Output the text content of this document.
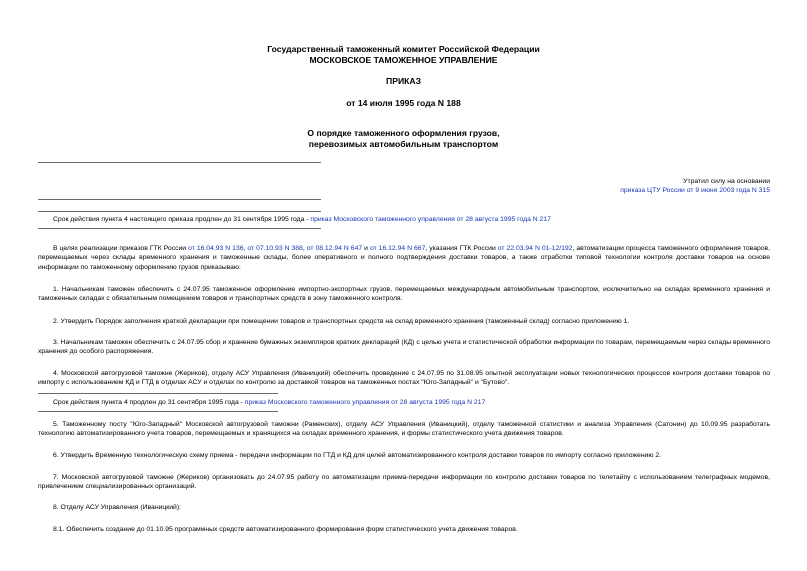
Государственный таможенный комитет Российской Федерации
МОСКОВСКОЕ ТАМОЖЕННОЕ УПРАВЛЕНИЕ
ПРИКАЗ
от 14 июля 1995 года N 188
О порядке таможенного оформления грузов,
перевозимых автомобильным транспортом
Утратил силу на основании
приказа ЦТУ России от 9 июня 2003 года N 315

Срок действия пункта 4 настоящего приказа продлен до 31 сентября 1995 года - приказ Московского таможенного управления от 28 августа 1995 года N 217

В целях реализации приказов ГТК России от 16.04.93 N 136, от 07.10.93 N 388, от 08.12.94 N 647 и от 16.12.94 N 667, указания ГТК России от 22.03.94 N 01-12/192, автоматизации процесса таможенного оформления товаров, перемещаемых через склады временного хранения и таможенные склады, более оперативного и полного подтверждения доставки товаров, а также отработки типовой технологии контроля доставки товаров на основе информации по таможенному оформлению грузов приказываю:

1. Начальникам таможен обеспечить с 24.07.95 таможенное оформление импортно-экспортных грузов, перемещаемых международным автомобильным транспортом, исключительно на складах временного хранения и таможенных складах с обязательным помещением товаров и транспортных средств в зону таможенного контроля.

2. Утвердить Порядок заполнения краткой декларации при помещении товаров и транспортных средств на склад временного хранения (таможенный склад) согласно приложению 1.

3. Начальникам таможен обеспечить с 24.07.95 сбор и хранение бумажных экземпляров кратких деклараций (КД) с целью учета и статистической обработки информации по товарам, перемещаемым через склады временного хранения до особого распоряжения.

4. Московской автогрузовой таможне (Жериков), отделу АСУ Управления (Иваницкий) обеспечить проведение с 24.07.95 по 31.08.95 опытной эксплуатации новых технологических процессов контроля доставки товаров по импорту с использованием КД и ГТД в отделах АСУ и отделах по контролю за доставкой товаров на таможенных постах "Юго-Западный" и "Бутово".

Срок действия пункта 4 продлен до 31 сентября 1995 года - приказ Московского таможенного управления от 28 августа 1995 года N 217

5. Таможенному посту "Юго-Западный" Московской автогрузовой таможни (Раменских), отделу АСУ Управления (Иваницкий), отделу таможенной статистики и анализа Управления (Сатонин) до 10.09.95 разработать технологию автоматизированного учета товаров, перемещаемых и хранящихся на складах временного хранения, и формы статистического учета движения товаров.

6. Утвердить Временную технологическую схему приема - передачи информации по ГТД и КД для целей автоматизированного контроля доставки товаров по импорту согласно приложению 2.

7. Московской автогрузовой таможне (Жериков) организовать до 24.07.95 работу по автоматизации приема-передачи информации по контролю доставки товаров по телетайпу с использованием телеграфных модемов, привлечением специализированных организаций.

8. Отделу АСУ Управления (Иваницкий):

8.1. Обеспечить создание до 01.10.95 программных средств автоматизированного формирования форм статистического учета движения товаров.
